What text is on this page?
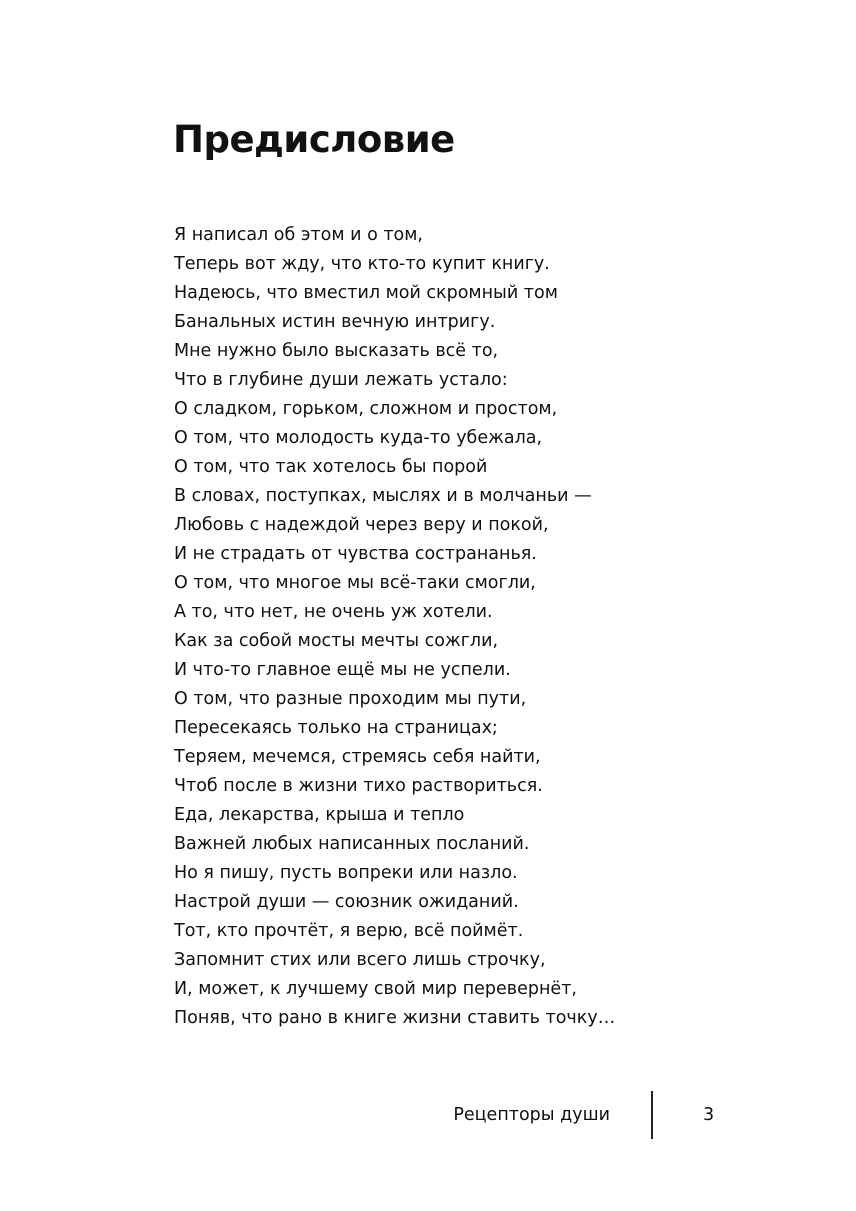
Предисловие
Я написал об этом и о том,
Теперь вот жду, что кто-то купит книгу.
Надеюсь, что вместил мой скромный том
Банальных истин вечную интригу.
Мне нужно было высказать всё то,
Что в глубине души лежать устало:
О сладком, горьком, сложном и простом,
О том, что молодость куда-то убежала,
О том, что так хотелось бы порой
В словах, поступках, мыслях и в молчаньи —
Любовь с надеждой через веру и покой,
И не страдать от чувства сострананья.
О том, что многое мы всё-таки смогли,
А то, что нет, не очень уж хотели.
Как за собой мосты мечты сожгли,
И что-то главное ещё мы не успели.
О том, что разные проходим мы пути,
Пересекаясь только на страницах;
Теряем, мечемся, стремясь себя найти,
Чтоб после в жизни тихо раствориться.
Еда, лекарства, крыша и тепло
Важней любых написанных посланий.
Но я пишу, пусть вопреки или назло.
Настрой души — союзник ожиданий.
Тот, кто прочтёт, я верю, всё поймёт.
Запомнит стих или всего лишь строчку,
И, может, к лучшему свой мир перевернёт,
Поняв, что рано в книге жизни ставить точку…
Рецепторы души	3
